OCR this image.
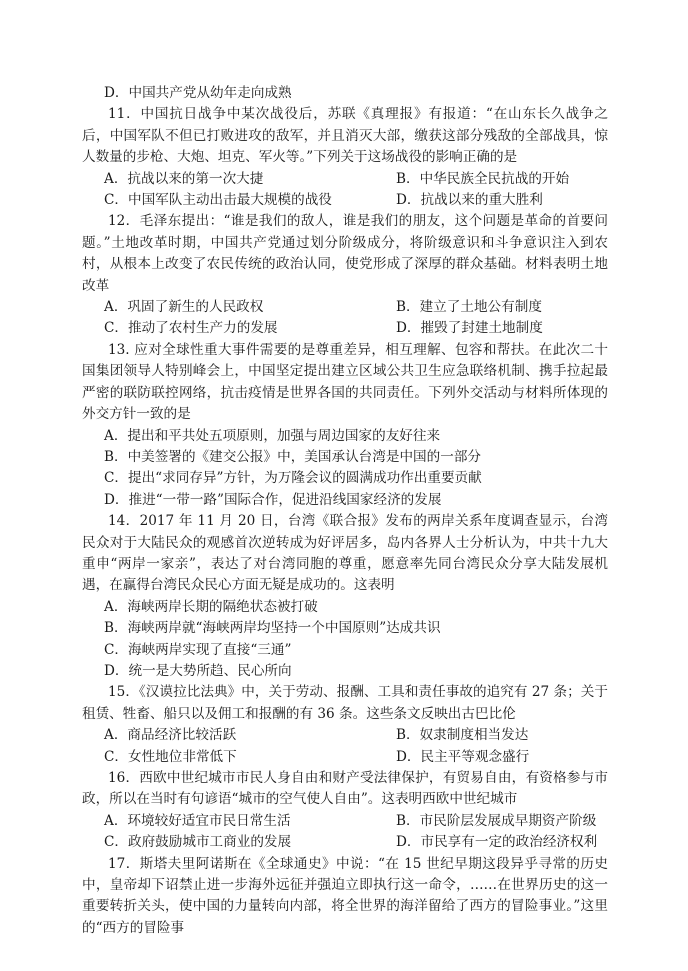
D．中国共产党从幼年走向成熟

11．中国抗日战争中某次战役后，苏联《真理报》有报道：“在山东长久战争之后，中国军队不但已打败进攻的敌军，并且消灭大部，缴获这部分残敌的全部战具，惊人数量的步枪、大炮、坦克、军火等。”下列关于这场战役的影响正确的是

A．抗战以来的第一次大捷	B．中华民族全民抗战的开始
C．中国军队主动出击最大规模的战役	D．抗战以来的重大胜利

12．毛泽东提出：“谁是我们的敌人，谁是我们的朋友，这个问题是革命的首要问题。”土地改革时期，中国共产党通过划分阶级成分，将阶级意识和斗争意识注入到农村，从根本上改变了农民传统的政治认同，使党形成了深厚的群众基础。材料表明土地改革

A．巩固了新生的人民政权	B．建立了土地公有制度
C．推动了农村生产力的发展	D．摧毁了封建土地制度

13. 应对全球性重大事件需要的是尊重差异，相互理解、包容和帮扶。在此次二十国集团领导人特别峰会上，中国坚定提出建立区域公共卫生应急联络机制、携手拉起最严密的联防联控网络，抗击疫情是世界各国的共同责任。下列外交活动与材料所体现的外交方针一致的是

A．提出和平共处五项原则，加强与周边国家的友好往来

B．中美签署的《建交公报》中，美国承认台湾是中国的一部分

C．提出“求同存异”方针，为万隆会议的圆满成功作出重要贡献

D．推进“一带一路”国际合作，促进沿线国家经济的发展

14．2017 年 11 月 20 日，台湾《联合报》发布的两岸关系年度调查显示，台湾民众对于大陆民众的观感首次逆转成为好评居多，岛内各界人士分析认为，中共十九大重申“两岸一家亲”，表达了对台湾同胞的尊重，愿意率先同台湾民众分享大陆发展机遇，在赢得台湾民众民心方面无疑是成功的。这表明

A．海峡两岸长期的隔绝状态被打破

B．海峡两岸就“海峡两岸均坚持一个中国原则”达成共识

C．海峡两岸实现了直接“三通”

D．统一是大势所趋、民心所向

15．《汉谟拉比法典》中，关于劳动、报酬、工具和责任事故的追究有 27 条；关于租赁、牲畜、船只以及佣工和报酬的有 36 条。这些条文反映出古巴比伦

A．商品经济比较活跃	B．奴隶制度相当发达
C．女性地位非常低下	D．民主平等观念盛行

16．西欧中世纪城市市民人身自由和财产受法律保护，有贸易自由，有资格参与市政，所以在当时有句谚语“城市的空气使人自由”。这表明西欧中世纪城市

A．环境较好适宜市民日常生活	B．市民阶层发展成早期资产阶级
C．政府鼓励城市工商业的发展	D．市民享有一定的政治经济权利

17．斯塔夫里阿诺斯在《全球通史》中说：“在 15 世纪早期这段异乎寻常的历史中，皇帝却下诏禁止进一步海外远征并强迫立即执行这一命令，……在世界历史的这一重要转折关头，使中国的力量转向内部，将全世界的海洋留给了西方的冒险事业。”这里的“西方的冒险事
